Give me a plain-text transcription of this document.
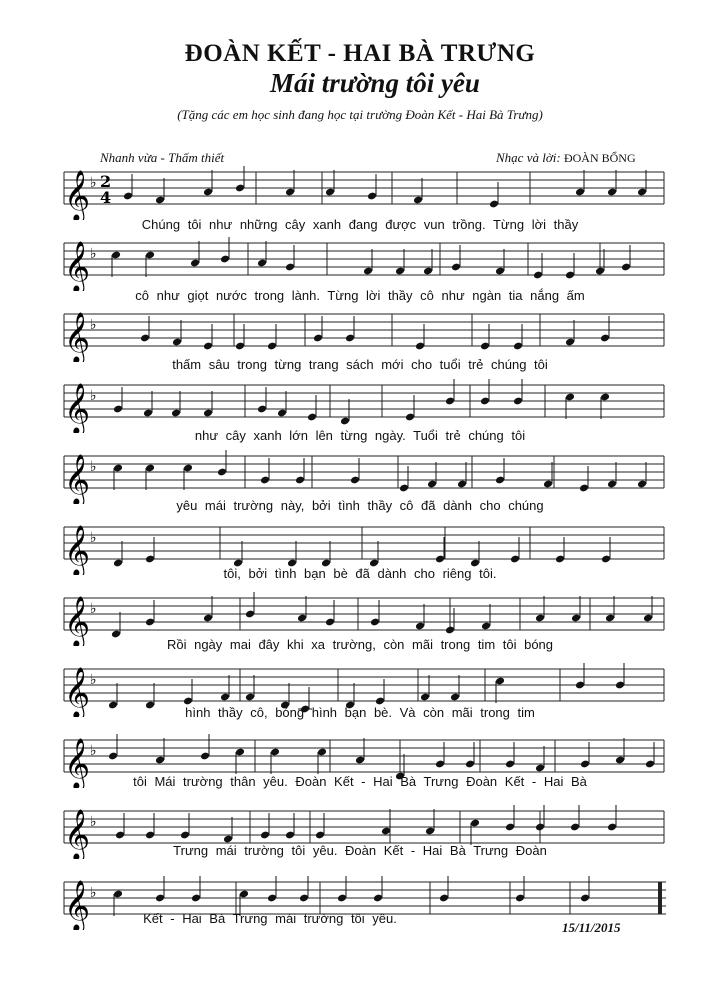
ĐOÀN KẾT - HAI BÀ TRƯNG
Mái trường tôi yêu
(Tặng các em học sinh đang học tại trường Đoàn Kết - Hai Bà Trưng)
Nhanh vừa - Thấm thiết	Nhạc và lời: ĐOÀN BỔNG
𝄞 ♭ 2
4
𝄞 ♭
𝄞 ♭
𝄞 ♭
𝄞 ♭
𝄞 ♭
𝄞 ♭
𝄞 ♭
𝄞 ♭
𝄞 ♭
𝄞 ♭
Chúng tôi như những cây xanh đang được vun trồng. Từng lời thầy
cô như giọt nước trong lành. Từng lời thầy cô như ngàn tia nắng ấm
thấm sâu trong từng trang sách mới cho tuổi trẻ chúng tôi
như cây xanh lớn lên từng ngày. Tuổi trẻ chúng tôi
yêu mái trường này, bởi tình thầy cô đã dành cho chúng
tôi, bởi tình bạn bè đã dành cho riêng tôi.
Rồi ngày mai đây khi xa trường, còn mãi trong tim tôi bóng
hình thầy cô, bóng hình bạn bè. Và còn mãi trong tim
tôi Mái trường thân yêu. Đoàn Kết - Hai Bà Trưng Đoàn Kết - Hai Bà
Trưng mái trường tôi yêu. Đoàn Kết - Hai Bà Trưng Đoàn
Kết - Hai Bà Trưng mái trường tôi yêu.
15/11/2015
